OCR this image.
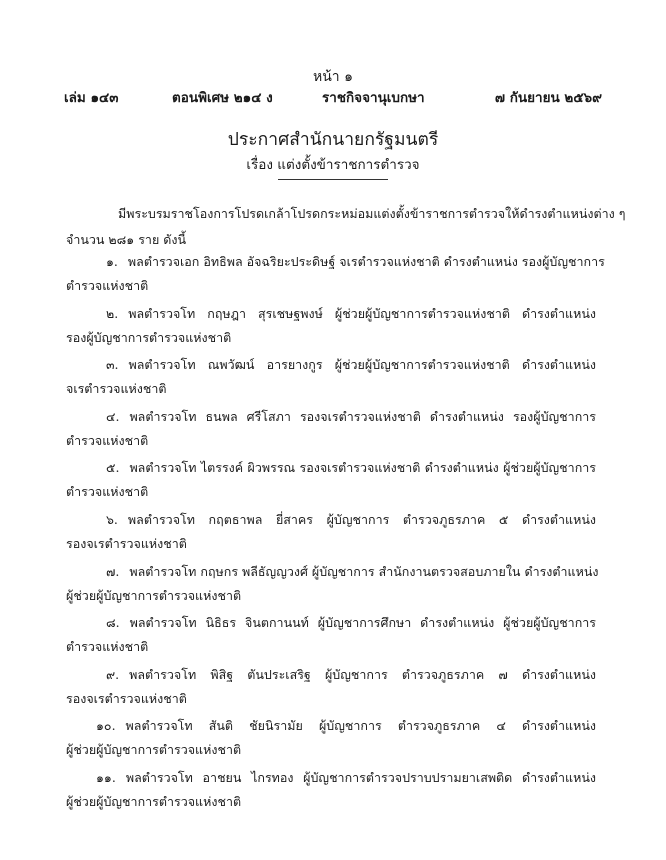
หน้า ๑
เล่ม ๑๔๓	ตอนพิเศษ ๒๑๔ ง	ราชกิจจานุเบกษา	๗ กันยายน ๒๕๖๙
ประกาศสำนักนายกรัฐมนตรี
เรื่อง แต่งตั้งข้าราชการตำรวจ
มีพระบรมราชโองการโปรดเกล้าโปรดกระหม่อมแต่งตั้งข้าราชการตำรวจให้ดำรงตำแหน่งต่าง ๆ
จำนวน ๒๘๑ ราย ดังนี้
๑. พลตำรวจเอก อิทธิพล อัจฉริยะประดิษฐ์ จเรตำรวจแห่งชาติ ดำรงตำแหน่ง รองผู้บัญชาการ
ตำรวจแห่งชาติ
๒. พลตำรวจโท กฤษฎา สุรเชษฐพงษ์ ผู้ช่วยผู้บัญชาการตำรวจแห่งชาติ ดำรงตำแหน่ง
รองผู้บัญชาการตำรวจแห่งชาติ
๓. พลตำรวจโท ณพวัฒน์ อารยางกูร ผู้ช่วยผู้บัญชาการตำรวจแห่งชาติ ดำรงตำแหน่ง
จเรตำรวจแห่งชาติ
๔. พลตำรวจโท ธนพล ศรีโสภา รองจเรตำรวจแห่งชาติ ดำรงตำแหน่ง รองผู้บัญชาการ
ตำรวจแห่งชาติ
๕. พลตำรวจโท ไตรรงค์ ผิวพรรณ รองจเรตำรวจแห่งชาติ ดำรงตำแหน่ง ผู้ช่วยผู้บัญชาการ
ตำรวจแห่งชาติ
๖. พลตำรวจโท กฤตธาพล ยี่สาคร ผู้บัญชาการ ตำรวจภูธรภาค ๕ ดำรงตำแหน่ง
รองจเรตำรวจแห่งชาติ
๗. พลตำรวจโท กฤษกร พลีธัญญวงศ์ ผู้บัญชาการ สำนักงานตรวจสอบภายใน ดำรงตำแหน่ง
ผู้ช่วยผู้บัญชาการตำรวจแห่งชาติ
๘. พลตำรวจโท นิธิธร จินตกานนท์ ผู้บัญชาการศึกษา ดำรงตำแหน่ง ผู้ช่วยผู้บัญชาการ
ตำรวจแห่งชาติ
๙. พลตำรวจโท พิสิฐ ตันประเสริฐ ผู้บัญชาการ ตำรวจภูธรภาค ๗ ดำรงตำแหน่ง
รองจเรตำรวจแห่งชาติ
๑๐. พลตำรวจโท สันติ ชัยนิรามัย ผู้บัญชาการ ตำรวจภูธรภาค ๔ ดำรงตำแหน่ง
ผู้ช่วยผู้บัญชาการตำรวจแห่งชาติ
๑๑. พลตำรวจโท อาชยน ไกรทอง ผู้บัญชาการตำรวจปราบปรามยาเสพติด ดำรงตำแหน่ง
ผู้ช่วยผู้บัญชาการตำรวจแห่งชาติ
